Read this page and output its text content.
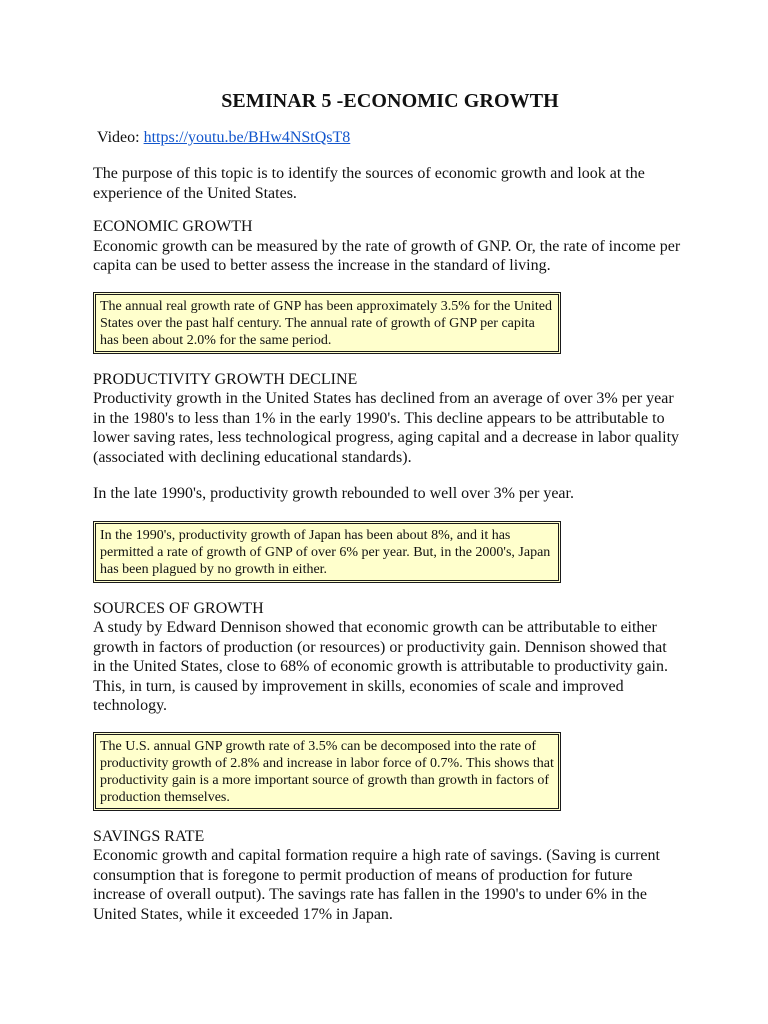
SEMINAR 5 -ECONOMIC GROWTH
Video: https://youtu.be/BHw4NStQsT8

The purpose of this topic is to identify the sources of economic growth and look at the experience of the United States.

ECONOMIC GROWTH

Economic growth can be measured by the rate of growth of GNP. Or, the rate of income per capita can be used to better assess the increase in the standard of living.

The annual real growth rate of GNP has been approximately 3.5% for the United States over the past half century. The annual rate of growth of GNP per capita has been about 2.0% for the same period.
PRODUCTIVITY GROWTH DECLINE

Productivity growth in the United States has declined from an average of over 3% per year in the 1980's to less than 1% in the early 1990's. This decline appears to be attributable to lower saving rates, less technological progress, aging capital and a decrease in labor quality (associated with declining educational standards).

In the late 1990's, productivity growth rebounded to well over 3% per year.

In the 1990's, productivity growth of Japan has been about 8%, and it has permitted a rate of growth of GNP of over 6% per year. But, in the 2000's, Japan has been plagued by no growth in either.
SOURCES OF GROWTH

A study by Edward Dennison showed that economic growth can be attributable to either growth in factors of production (or resources) or productivity gain. Dennison showed that in the United States, close to 68% of economic growth is attributable to productivity gain. This, in turn, is caused by improvement in skills, economies of scale and improved technology.

The U.S. annual GNP growth rate of 3.5% can be decomposed into the rate of productivity growth of 2.8% and increase in labor force of 0.7%. This shows that productivity gain is a more important source of growth than growth in factors of production themselves.
SAVINGS RATE

Economic growth and capital formation require a high rate of savings. (Saving is current consumption that is foregone to permit production of means of production for future increase of overall output). The savings rate has fallen in the 1990's to under 6% in the United States, while it exceeded 17% in Japan.
